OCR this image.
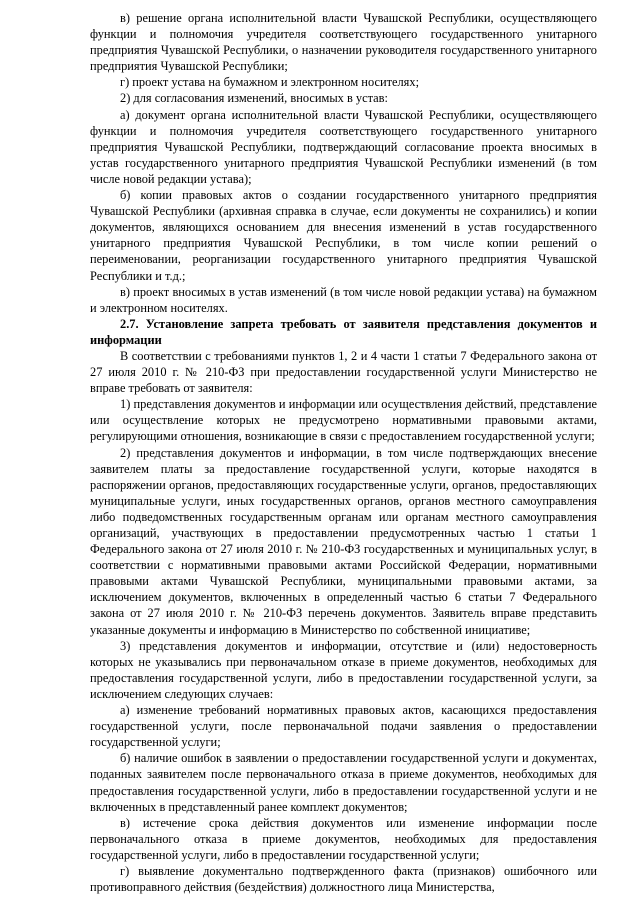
в) решение органа исполнительной власти Чувашской Республики, осуществляющего функции и полномочия учредителя соответствующего государственного унитарного предприятия Чувашской Республики, о назначении руководителя государственного унитарного предприятия Чувашской Республики;

г) проект устава на бумажном и электронном носителях;

2) для согласования изменений, вносимых в устав:

а) документ органа исполнительной власти Чувашской Республики, осуществляющего функции и полномочия учредителя соответствующего государственного унитарного предприятия Чувашской Республики, подтверждающий согласование проекта вносимых в устав государственного унитарного предприятия Чувашской Республики изменений (в том числе новой редакции устава);

б) копии правовых актов о создании государственного унитарного предприятия Чувашской Республики (архивная справка в случае, если документы не сохранились) и копии документов, являющихся основанием для внесения изменений в устав государственного унитарного предприятия Чувашской Республики, в том числе копии решений о переименовании, реорганизации государственного унитарного предприятия Чувашской Республики и т.д.;

в) проект вносимых в устав изменений (в том числе новой редакции устава) на бумажном и электронном носителях.

2.7. Установление запрета требовать от заявителя представления документов и информации

В соответствии с требованиями пунктов 1, 2 и 4 части 1 статьи 7 Федерального закона от 27 июля 2010 г. № 210-ФЗ при предоставлении государственной услуги Министерство не вправе требовать от заявителя:

1) представления документов и информации или осуществления действий, представление или осуществление которых не предусмотрено нормативными правовыми актами, регулирующими отношения, возникающие в связи с предоставлением государственной услуги;

2) представления документов и информации, в том числе подтверждающих внесение заявителем платы за предоставление государственной услуги, которые находятся в распоряжении органов, предоставляющих государственные услуги, органов, предоставляющих муниципальные услуги, иных государственных органов, органов местного самоуправления либо подведомственных государственным органам или органам местного самоуправления организаций, участвующих в предоставлении предусмотренных частью 1 статьи 1 Федерального закона от 27 июля 2010 г. № 210-ФЗ государственных и муниципальных услуг, в соответствии с нормативными правовыми актами Российской Федерации, нормативными правовыми актами Чувашской Республики, муниципальными правовыми актами, за исключением документов, включенных в определенный частью 6 статьи 7 Федерального закона от 27 июля 2010 г. № 210-ФЗ перечень документов. Заявитель вправе представить указанные документы и информацию в Министерство по собственной инициативе;

3) представления документов и информации, отсутствие и (или) недостоверность которых не указывались при первоначальном отказе в приеме документов, необходимых для предоставления государственной услуги, либо в предоставлении государственной услуги, за исключением следующих случаев:

а) изменение требований нормативных правовых актов, касающихся предоставления государственной услуги, после первоначальной подачи заявления о предоставлении государственной услуги;

б) наличие ошибок в заявлении о предоставлении государственной услуги и документах, поданных заявителем после первоначального отказа в приеме документов, необходимых для предоставления государственной услуги, либо в предоставлении государственной услуги и не включенных в представленный ранее комплект документов;

в) истечение срока действия документов или изменение информации после первоначального отказа в приеме документов, необходимых для предоставления государственной услуги, либо в предоставлении государственной услуги;

г) выявление документально подтвержденного факта (признаков) ошибочного или противоправного действия (бездействия) должностного лица Министерства,
